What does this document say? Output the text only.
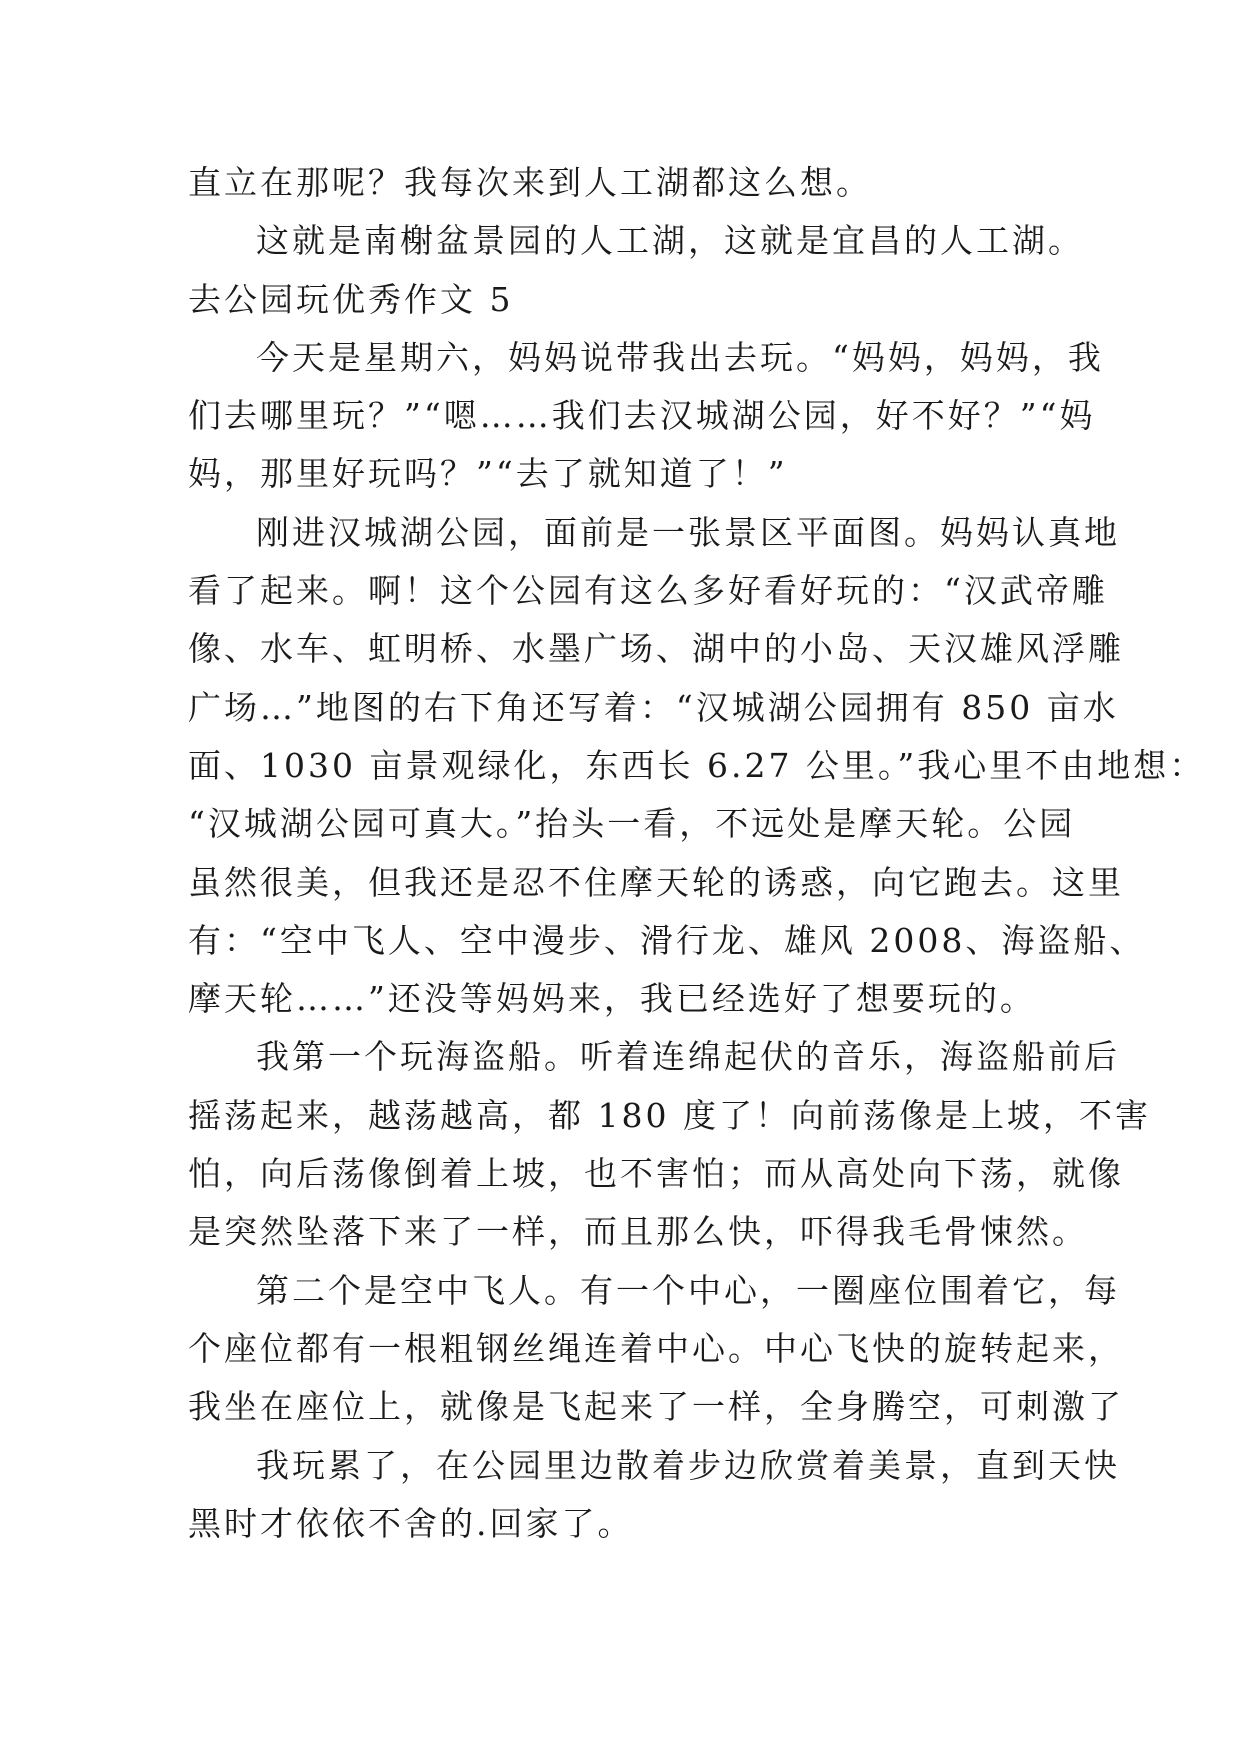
直立在那呢？我每次来到人工湖都这么想。
这就是南榭盆景园的人工湖，这就是宜昌的人工湖。
去公园玩优秀作文 5
今天是星期六，妈妈说带我出去玩。“妈妈，妈妈，我
们去哪里玩？”“嗯……我们去汉城湖公园，好不好？”“妈
妈，那里好玩吗？”“去了就知道了！”
刚进汉城湖公园，面前是一张景区平面图。妈妈认真地
看了起来。啊！这个公园有这么多好看好玩的：“汉武帝雕
像、水车、虹明桥、水墨广场、湖中的小岛、天汉雄风浮雕
广场…”地图的右下角还写着：“汉城湖公园拥有 850 亩水
面、1030 亩景观绿化，东西长 6.27 公里。”我心里不由地想：
“汉城湖公园可真大。”抬头一看，不远处是摩天轮。公园
虽然很美，但我还是忍不住摩天轮的诱惑，向它跑去。这里
有：“空中飞人、空中漫步、滑行龙、雄风 2008、海盗船、
摩天轮……”还没等妈妈来，我已经选好了想要玩的。
我第一个玩海盗船。听着连绵起伏的音乐，海盗船前后
摇荡起来，越荡越高，都 180 度了！向前荡像是上坡，不害
怕，向后荡像倒着上坡，也不害怕；而从高处向下荡，就像
是突然坠落下来了一样，而且那么快，吓得我毛骨悚然。
第二个是空中飞人。有一个中心，一圈座位围着它，每
个座位都有一根粗钢丝绳连着中心。中心飞快的旋转起来，
我坐在座位上，就像是飞起来了一样，全身腾空，可刺激了
我玩累了，在公园里边散着步边欣赏着美景，直到天快
黑时才依依不舍的.回家了。
